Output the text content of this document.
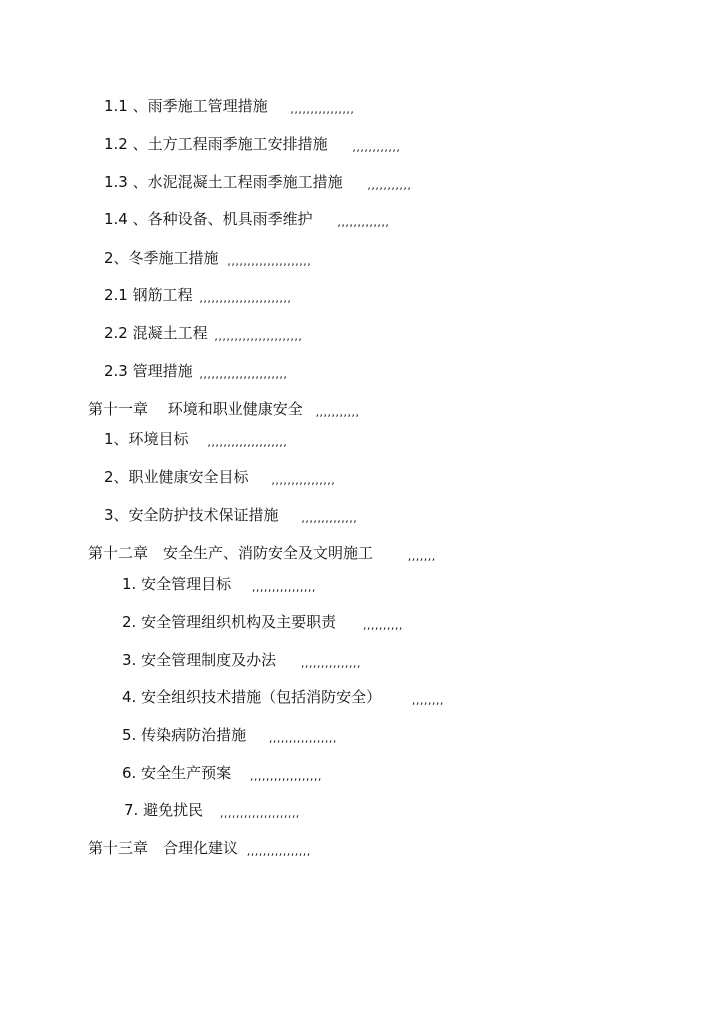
1.1 、雨季施工管理措施 ,,,,,,,,,,,,,,,,
1.2 、土方工程雨季施工安排措施 ,,,,,,,,,,,,
1.3 、水泥混凝土工程雨季施工措施 ,,,,,,,,,,,
1.4 、各种设备、机具雨季维护 ,,,,,,,,,,,,,
2、冬季施工措施 ,,,,,,,,,,,,,,,,,,,,,
2.1 钢筋工程 ,,,,,,,,,,,,,,,,,,,,,,,
2.2 混凝土工程 ,,,,,,,,,,,,,,,,,,,,,,
2.3 管理措施 ,,,,,,,,,,,,,,,,,,,,,,
第十一章　 环境和职业健康安全 ,,,,,,,,,,,
1、环境目标 ,,,,,,,,,,,,,,,,,,,,
2、职业健康安全目标 ,,,,,,,,,,,,,,,,
3、安全防护技术保证措施 ,,,,,,,,,,,,,,
第十二章　安全生产、消防安全及文明施工	,,,,,,,
1. 安全管理目标 ,,,,,,,,,,,,,,,,
2. 安全管理组织机构及主要职责 ,,,,,,,,,,
3. 安全管理制度及办法 ,,,,,,,,,,,,,,,
4. 安全组织技术措施（包括消防安全）	,,,,,,,,
5. 传染病防治措施 ,,,,,,,,,,,,,,,,,
6. 安全生产预案 ,,,,,,,,,,,,,,,,,,
7. 避免扰民 ,,,,,,,,,,,,,,,,,,,,
第十三章　合理化建议 ,,,,,,,,,,,,,,,,
